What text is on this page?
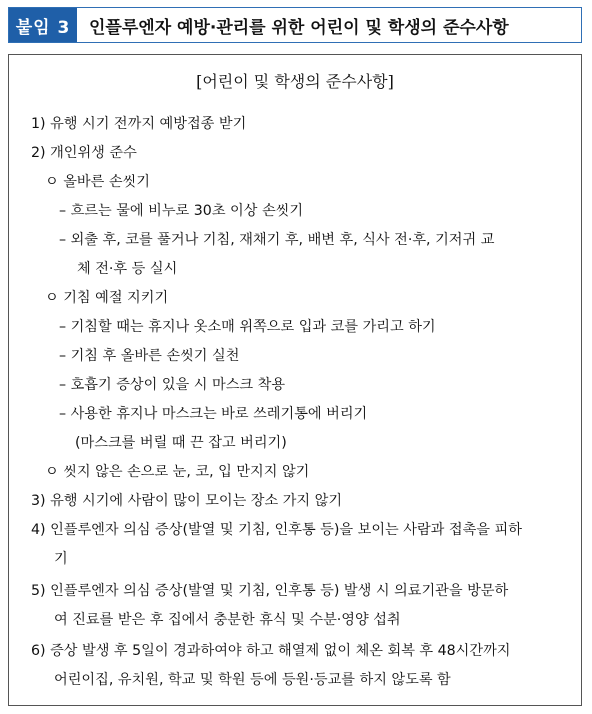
붙임 3	인플루엔자 예방·관리를 위한 어린이 및 학생의 준수사항
[어린이 및 학생의 준수사항]
1) 유행 시기 전까지 예방접종 받기
2) 개인위생 준수
ㅇ 올바른 손씻기
– 흐르는 물에 비누로 30초 이상 손씻기
– 외출 후, 코를 풀거나 기침, 재채기 후, 배변 후, 식사 전·후, 기저귀 교
체 전·후 등 실시
ㅇ 기침 예절 지키기
– 기침할 때는 휴지나 옷소매 위쪽으로 입과 코를 가리고 하기
– 기침 후 올바른 손씻기 실천
– 호흡기 증상이 있을 시 마스크 착용
– 사용한 휴지나 마스크는 바로 쓰레기통에 버리기
(마스크를 버릴 때 끈 잡고 버리기)
ㅇ 씻지 않은 손으로 눈, 코, 입 만지지 않기
3) 유행 시기에 사람이 많이 모이는 장소 가지 않기
4) 인플루엔자 의심 증상(발열 및 기침, 인후통 등)을 보이는 사람과 접촉을 피하
기
5) 인플루엔자 의심 증상(발열 및 기침, 인후통 등) 발생 시 의료기관을 방문하
여 진료를 받은 후 집에서 충분한 휴식 및 수분·영양 섭취
6) 증상 발생 후 5일이 경과하여야 하고 해열제 없이 체온 회복 후 48시간까지
어린이집, 유치원, 학교 및 학원 등에 등원·등교를 하지 않도록 함
